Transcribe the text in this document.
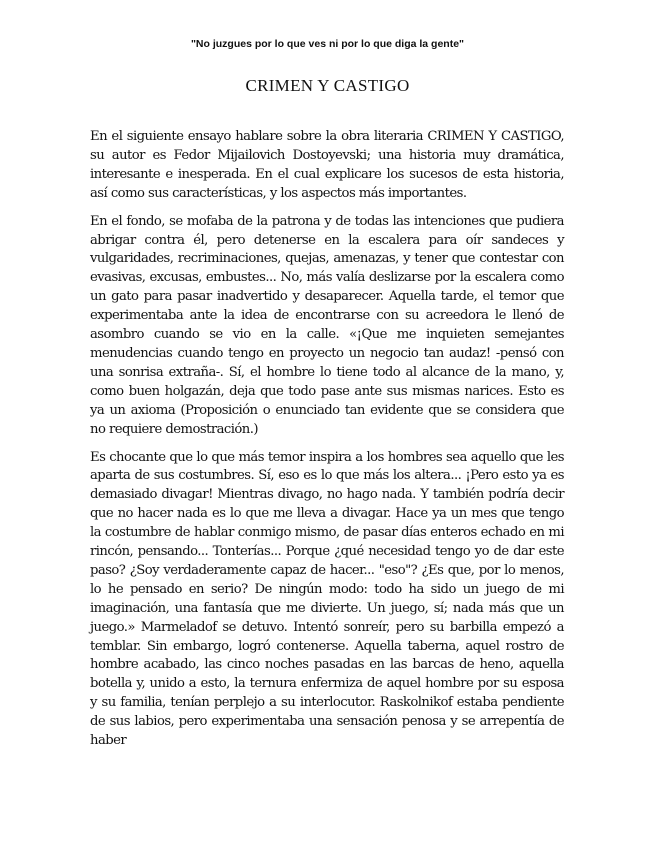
"No juzgues por lo que ves ni por lo que diga la gente"
CRIMEN Y CASTIGO

En el siguiente ensayo hablare sobre la obra literaria CRIMEN Y CASTIGO, su autor es Fedor Mijailovich Dostoyevski; una historia muy dramática, interesante e inesperada. En el cual explicare los sucesos de esta historia, así como sus características, y los aspectos más importantes.

En el fondo, se mofaba de la patrona y de todas las intenciones que pudiera abrigar contra él, pero detenerse en la escalera para oír sandeces y vulgaridades, recriminaciones, quejas, amenazas, y tener que contestar con evasivas, excusas, embustes... No, más valía deslizarse por la escalera como un gato para pasar inadvertido y desaparecer. Aquella tarde, el temor que experimentaba ante la idea de encontrarse con su acreedora le llenó de asombro cuando se vio en la calle. «¡Que me inquieten semejantes menudencias cuando tengo en proyecto un negocio tan audaz! -pensó con una sonrisa extraña-. Sí, el hombre lo tiene todo al alcance de la mano, y, como buen holgazán, deja que todo pase ante sus mismas narices. Esto es ya un axioma (Proposición o enunciado tan evidente que se considera que no requiere demostración.)

Es chocante que lo que más temor inspira a los hombres sea aquello que les aparta de sus costumbres. Sí, eso es lo que más los altera... ¡Pero esto ya es demasiado divagar! Mientras divago, no hago nada. Y también podría decir que no hacer nada es lo que me lleva a divagar. Hace ya un mes que tengo la costumbre de hablar conmigo mismo, de pasar días enteros echado en mi rincón, pensando... Tonterías... Porque ¿qué necesidad tengo yo de dar este paso? ¿Soy verdaderamente capaz de hacer... "eso"? ¿Es que, por lo menos, lo he pensado en serio? De ningún modo: todo ha sido un juego de mi imaginación, una fantasía que me divierte. Un juego, sí; nada más que un juego.» Marmeladof se detuvo. Intentó sonreír, pero su barbilla empezó a temblar. Sin embargo, logró contenerse. Aquella taberna, aquel rostro de hombre acabado, las cinco noches pasadas en las barcas de heno, aquella botella y, unido a esto, la ternura enfermiza de aquel hombre por su esposa y su familia, tenían perplejo a su interlocutor. Raskolnikof estaba pendiente de sus labios, pero experimentaba una sensación penosa y se arrepentía de haber
